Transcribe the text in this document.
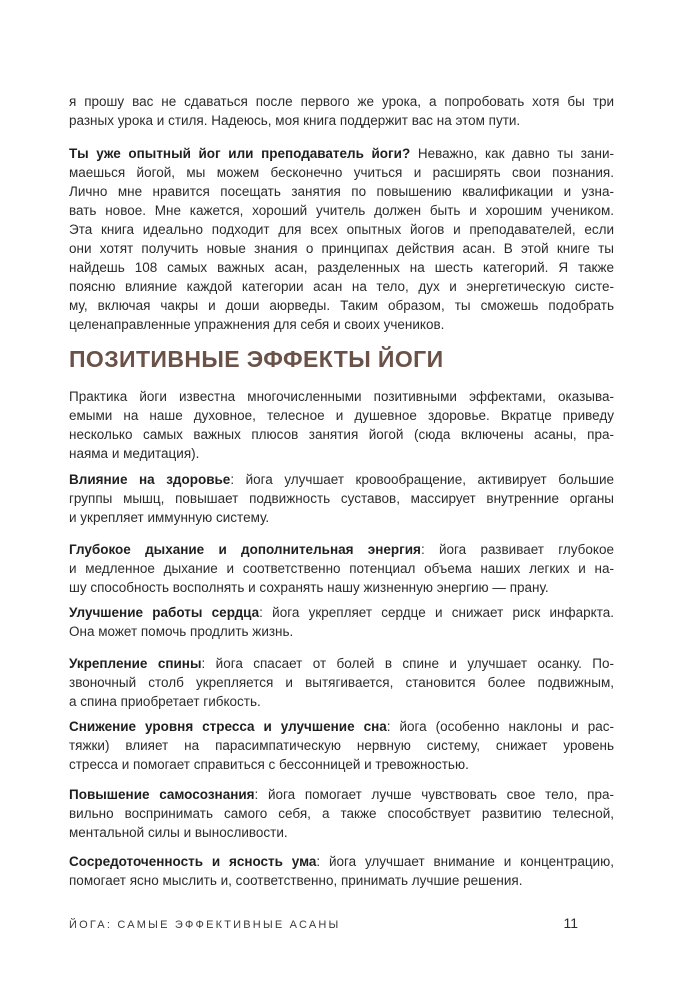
я прошу вас не сдаваться после первого же урока, а попробовать хотя бы три
разных урока и стиля. Надеюсь, моя книга поддержит вас на этом пути.

Ты уже опытный йог или преподаватель йоги? Неважно, как давно ты зани-
маешься йогой, мы можем бесконечно учиться и расширять свои познания.
Лично мне нравится посещать занятия по повышению квалификации и узна-
вать новое. Мне кажется, хороший учитель должен быть и хорошим учеником.
Эта книга идеально подходит для всех опытных йогов и преподавателей, если
они хотят получить новые знания о принципах действия асан. В этой книге ты
найдешь 108 самых важных асан, разделенных на шесть категорий. Я также
поясню влияние каждой категории асан на тело, дух и энергетическую систе-
му, включая чакры и доши аюрведы. Таким образом, ты сможешь подобрать
целенаправленные упражнения для себя и своих учеников.

ПОЗИТИВНЫЕ ЭФФЕКТЫ ЙОГИ

Практика йоги известна многочисленными позитивными эффектами, оказыва-
емыми на наше духовное, телесное и душевное здоровье. Вкратце приведу
несколько самых важных плюсов занятия йогой (сюда включены асаны, пра-
наяма и медитация).

Влияние на здоровье: йога улучшает кровообращение, активирует большие
группы мышц, повышает подвижность суставов, массирует внутренние органы
и укрепляет иммунную систему.

Глубокое дыхание и дополнительная энергия: йога развивает глубокое
и медленное дыхание и соответственно потенциал объема наших легких и на-
шу способность восполнять и сохранять нашу жизненную энергию — прану.

Улучшение работы сердца: йога укрепляет сердце и снижает риск инфаркта.
Она может помочь продлить жизнь.

Укрепление спины: йога спасает от болей в спине и улучшает осанку. По-
звоночный столб укрепляется и вытягивается, становится более подвижным,
а спина приобретает гибкость.

Снижение уровня стресса и улучшение сна: йога (особенно наклоны и рас-
тяжки) влияет на парасимпатическую нервную систему, снижает уровень
стресса и помогает справиться с бессонницей и тревожностью.

Повышение самосознания: йога помогает лучше чувствовать свое тело, пра-
вильно воспринимать самого себя, а также способствует развитию телесной,
ментальной силы и выносливости.

Сосредоточенность и ясность ума: йога улучшает внимание и концентрацию,
помогает ясно мыслить и, соответственно, принимать лучшие решения.

ЙОГА: САМЫЕ ЭФФЕКТИВНЫЕ АСАНЫ	11
